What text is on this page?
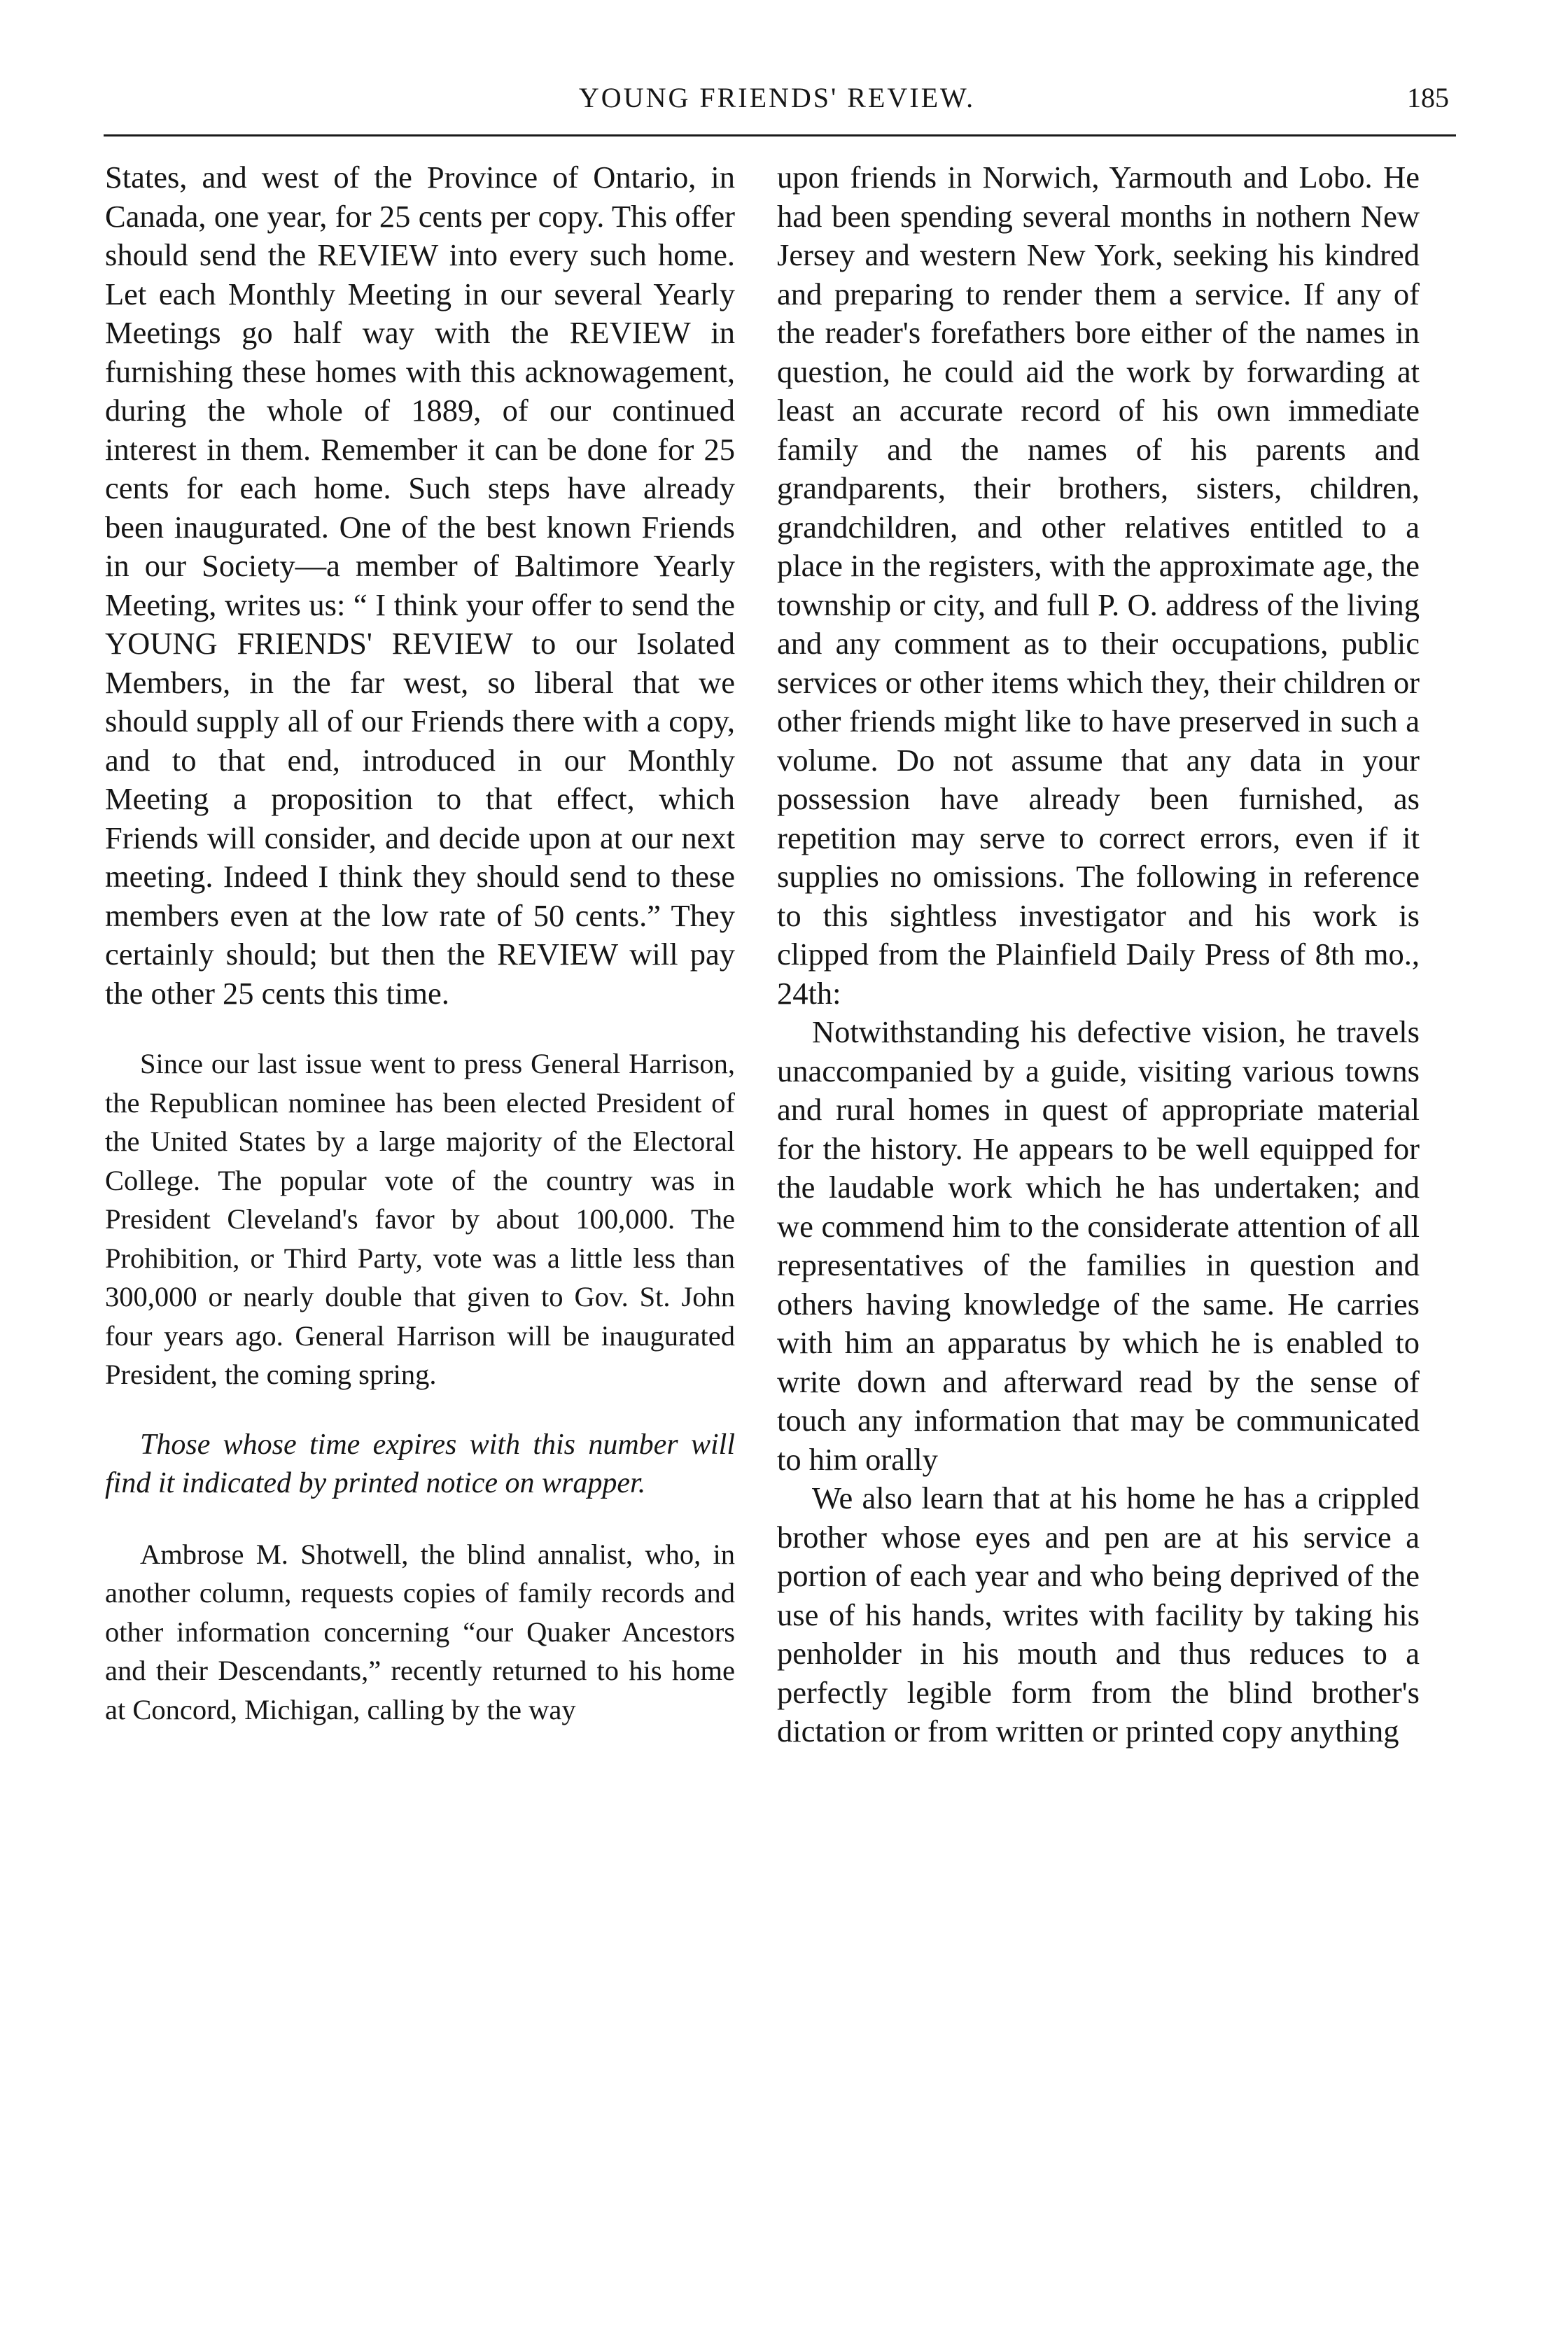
YOUNG FRIENDS' REVIEW.	185

States, and west of the Province of Ontario, in Canada, one year, for 25 cents per copy. This offer should send the REVIEW into every such home. Let each Monthly Meeting in our several Yearly Meetings go half way with the REVIEW in furnishing these homes with this acknowagement, during the whole of 1889, of our continued interest in them. Remember it can be done for 25 cents for each home. Such steps have already been inaugurated. One of the best known Friends in our Society—a member of Baltimore Yearly Meeting, writes us: “ I think your offer to send the YOUNG FRIENDS' REVIEW to our Isolated Members, in the far west, so liberal that we should supply all of our Friends there with a copy, and to that end, introduced in our Monthly Meeting a proposition to that effect, which Friends will consider, and decide upon at our next meeting. Indeed I think they should send to these members even at the low rate of 50 cents.” They certainly should; but then the REVIEW will pay the other 25 cents this time.

Since our last issue went to press General Harrison, the Republican nominee has been elected President of the United States by a large majority of the Electoral College. The popular vote of the country was in President Cleveland's favor by about 100,000. The Prohibition, or Third Party, vote was a little less than 300,000 or nearly double that given to Gov. St. John four years ago. General Harrison will be inaugurated President, the coming spring.

Those whose time expires with this number will find it indicated by printed notice on wrapper.

Ambrose M. Shotwell, the blind annalist, who, in another column, requests copies of family records and other information concerning “our Quaker Ancestors and their Descendants,” recently returned to his home at Concord, Michigan, calling by the way

upon friends in Norwich, Yarmouth and Lobo. He had been spending several months in nothern New Jersey and western New York, seeking his kindred and preparing to render them a service. If any of the reader's forefathers bore either of the names in question, he could aid the work by forwarding at least an accurate record of his own immediate family and the names of his parents and grandparents, their brothers, sisters, children, grandchildren, and other relatives entitled to a place in the registers, with the approximate age, the township or city, and full P. O. address of the living and any comment as to their occupations, public services or other items which they, their children or other friends might like to have preserved in such a volume. Do not assume that any data in your possession have already been furnished, as repetition may serve to correct errors, even if it supplies no omissions. The following in reference to this sightless investigator and his work is clipped from the Plainfield Daily Press of 8th mo., 24th:

Notwithstanding his defective vision, he travels unaccompanied by a guide, visiting various towns and rural homes in quest of appropriate material for the history. He appears to be well equipped for the laudable work which he has undertaken; and we commend him to the considerate attention of all representatives of the families in question and others having knowledge of the same. He carries with him an apparatus by which he is enabled to write down and afterward read by the sense of touch any information that may be communicated to him orally

We also learn that at his home he has a crippled brother whose eyes and pen are at his service a portion of each year and who being deprived of the use of his hands, writes with facility by taking his penholder in his mouth and thus reduces to a perfectly legible form from the blind brother's dictation or from written or printed copy anything
